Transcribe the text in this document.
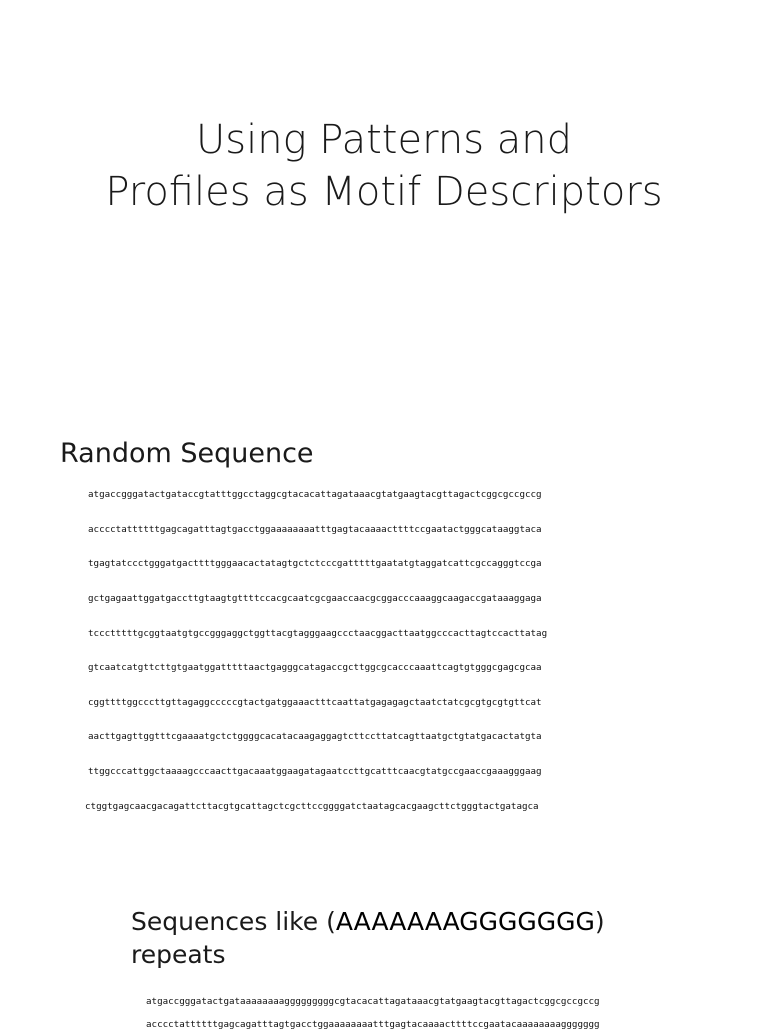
Using Patterns and
Profiles as Motif Descriptors
Random Sequence
atgaccgggatactgataccgtatttggcctaggcgtacacattagataaacgtatgaagtacgttagactcggcgccgccg
acccctattttttgagcagatttagtgacctggaaaaaaaatttgagtacaaaacttttccgaatactgggcataaggtaca
tgagtatccctgggatgacttttgggaacactatagtgctctcccgatttttgaatatgtaggatcattcgccagggtccga
gctgagaattggatgaccttgtaagtgttttccacgcaatcgcgaaccaacgcggacccaaaggcaagaccgataaaggaga
tccctttttgcggtaatgtgccgggaggctggttacgtagggaagccctaacggacttaatggcccacttagtccacttatag
gtcaatcatgttcttgtgaatggatttttaactgagggcatagaccgcttggcgcacccaaattcagtgtgggcgagcgcaa
cggttttggcccttgttagaggcccccgtactgatggaaactttcaattatgagagagctaatctatcgcgtgcgtgttcat
aacttgagttggtttcgaaaatgctctggggcacatacaagaggagtcttccttatcagttaatgctgtatgacactatgta
ttggcccattggctaaaagcccaacttgacaaatggaagatagaatccttgcatttcaacgtatgccgaaccgaaagggaag
ctggtgagcaacgacagattcttacgtgcattagctcgcttccggggatctaatagcacgaagcttctgggtactgatagca
Sequences like (AAAAAAAGGGGGGG)
repeats
atgaccgggatactgataaaaaaaagggggggggcgtacacattagataaacgtatgaagtacgttagactcggcgccgccg
acccctattttttgagcagatttagtgacctggaaaaaaaatttgagtacaaaacttttccgaatacaaaaaaaaggggggg
